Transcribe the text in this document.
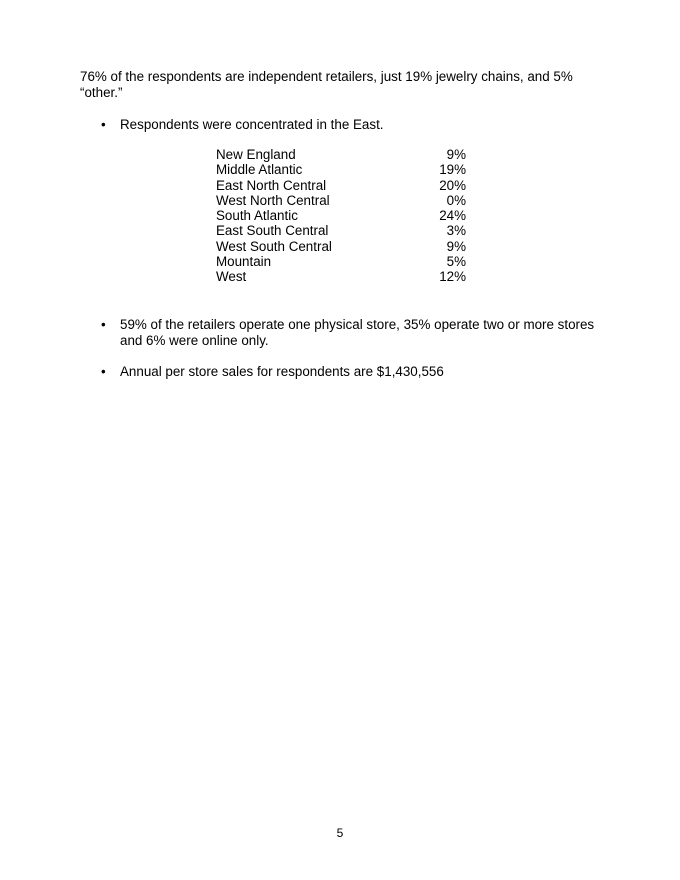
76% of the respondents are independent retailers, just 19% jewelry chains, and 5% “other.”

•	Respondents were concentrated in the East.
New England	9%
Middle Atlantic	19%
East North Central	20%
West North Central	0%
South Atlantic	24%
East South Central	3%
West South Central	9%
Mountain	5%
West	12%
•	59% of the retailers operate one physical store, 35% operate two or more stores and 6% were online only.
•	Annual per store sales for respondents are $1,430,556
5
